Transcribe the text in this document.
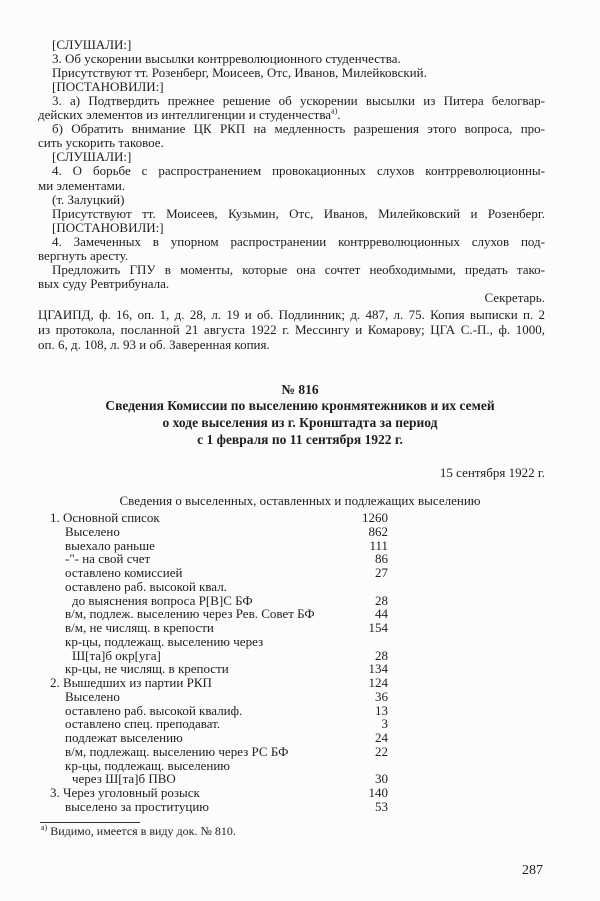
[СЛУШАЛИ:]
3. Об ускорении высылки контрреволюционного студенчества.
Присутствуют тт. Розенберг, Моисеев, Отс, Иванов, Милейковский.
[ПОСТАНОВИЛИ:]
3. а) Подтвердить прежнее решение об ускорении высылки из Питера белогвар-
дейских элементов из интеллигенции и студенчества$^{а)}$.
б) Обратить внимание ЦК РКП на медленность разрешения этого вопроса, про-
сить ускорить таковое.
[СЛУШАЛИ:]
4. О борьбе с распространением провокационных слухов контрреволюционны-
ми элементами.
(т. Залуцкий)
Присутствуют тт. Моисеев, Кузьмин, Отс, Иванов, Милейковский и Розенберг.
[ПОСТАНОВИЛИ:]
4. Замеченных в упорном распространении контрреволюционных слухов под-
вергнуть аресту.
Предложить ГПУ в моменты, которые она сочтет необходимыми, предать тако-
вых суду Ревтрибунала.
Секретарь.
ЦГАИПД, ф. 16, оп. 1, д. 28, л. 19 и об. Подлинник; д. 487, л. 75. Копия выписки п. 2
из протокола, посланной 21 августа 1922 г. Мессингу и Комарову; ЦГА С.-П., ф. 1000,
оп. 6, д. 108, л. 93 и об. Заверенная копия.
№ 816
Сведения Комиссии по выселению кронмятежников и их семей
о ходе выселения из г. Кронштадта за период
с 1 февраля по 11 сентября 1922 г.
15 сентября 1922 г.
Сведения о выселенных, оставленных и подлежащих выселению
1. Основной список	1260
Выселено	862
выехало раньше	111
-"- на свой счет	86
оставлено комиссией	27
оставлено раб. высокой квал.
до выяснения вопроса Р[В]С БФ	28
в/м, подлеж. выселению через Рев. Совет БФ	44
в/м, не числящ. в крепости	154
кр-цы, подлежащ. выселению через
Ш[та]б окр[уга]	28
кр-цы, не числящ. в крепости	134
2. Вышедших из партии РКП	124
Выселено	36
оставлено раб. высокой квалиф.	13
оставлено спец. преподават.	3
подлежат выселению	24
в/м, подлежащ. выселению через РС БФ	22
кр-цы, подлежащ. выселению
через Ш[та]б ПВО	30
3. Через уголовный розыск	140
выселено за проституцию	53
$^{а)}$ Видимо, имеется в виду док. № 810.
287
